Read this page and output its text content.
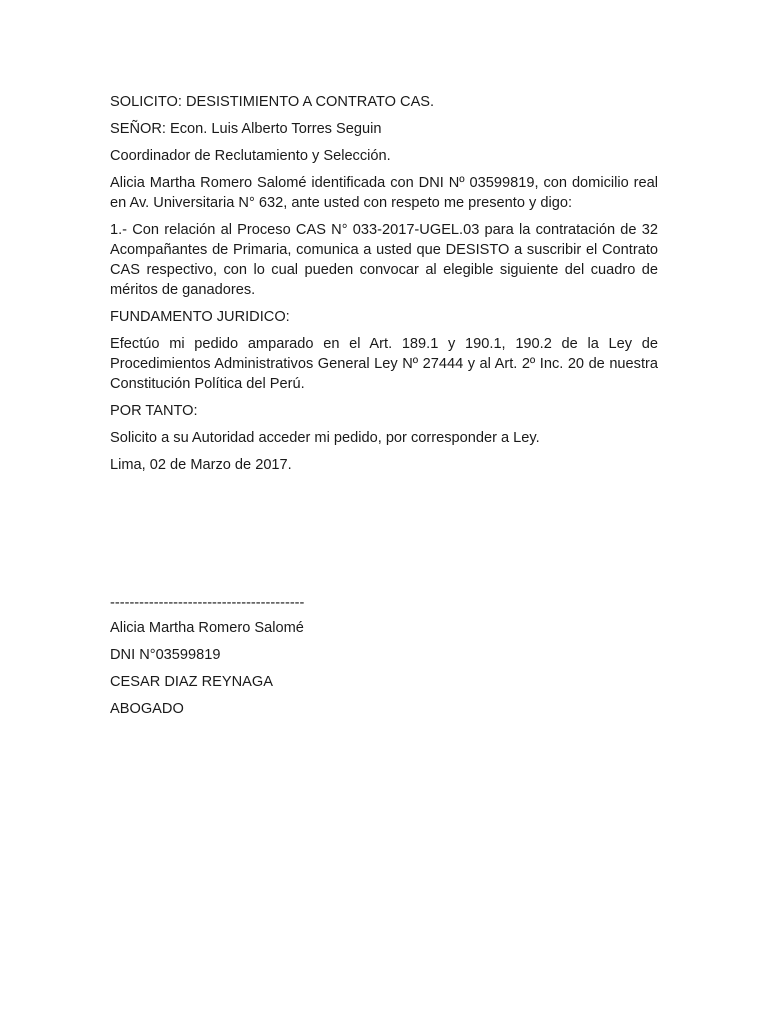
SOLICITO: DESISTIMIENTO A CONTRATO CAS.

SEÑOR: Econ. Luis Alberto Torres Seguin

Coordinador de Reclutamiento y Selección.

Alicia Martha Romero Salomé identificada con DNI Nº 03599819, con domicilio real en Av. Universitaria N° 632, ante usted con respeto me presento y digo:

1.- Con relación al Proceso CAS N° 033-2017-UGEL.03 para la contratación de 32 Acompañantes de Primaria, comunica a usted que DESISTO a suscribir el Contrato CAS respectivo, con lo cual pueden convocar al elegible siguiente del cuadro de méritos de ganadores.

FUNDAMENTO JURIDICO:

Efectúo mi pedido amparado en el Art. 189.1 y 190.1, 190.2 de la Ley de Procedimientos Administrativos General Ley Nº 27444 y al Art. 2º Inc. 20 de nuestra Constitución Política del Perú.

POR TANTO:

Solicito a su Autoridad acceder mi pedido, por corresponder a Ley.

Lima, 02 de Marzo de 2017.

----------------------------------------

Alicia Martha Romero Salomé

DNI N°03599819

CESAR DIAZ REYNAGA

ABOGADO
